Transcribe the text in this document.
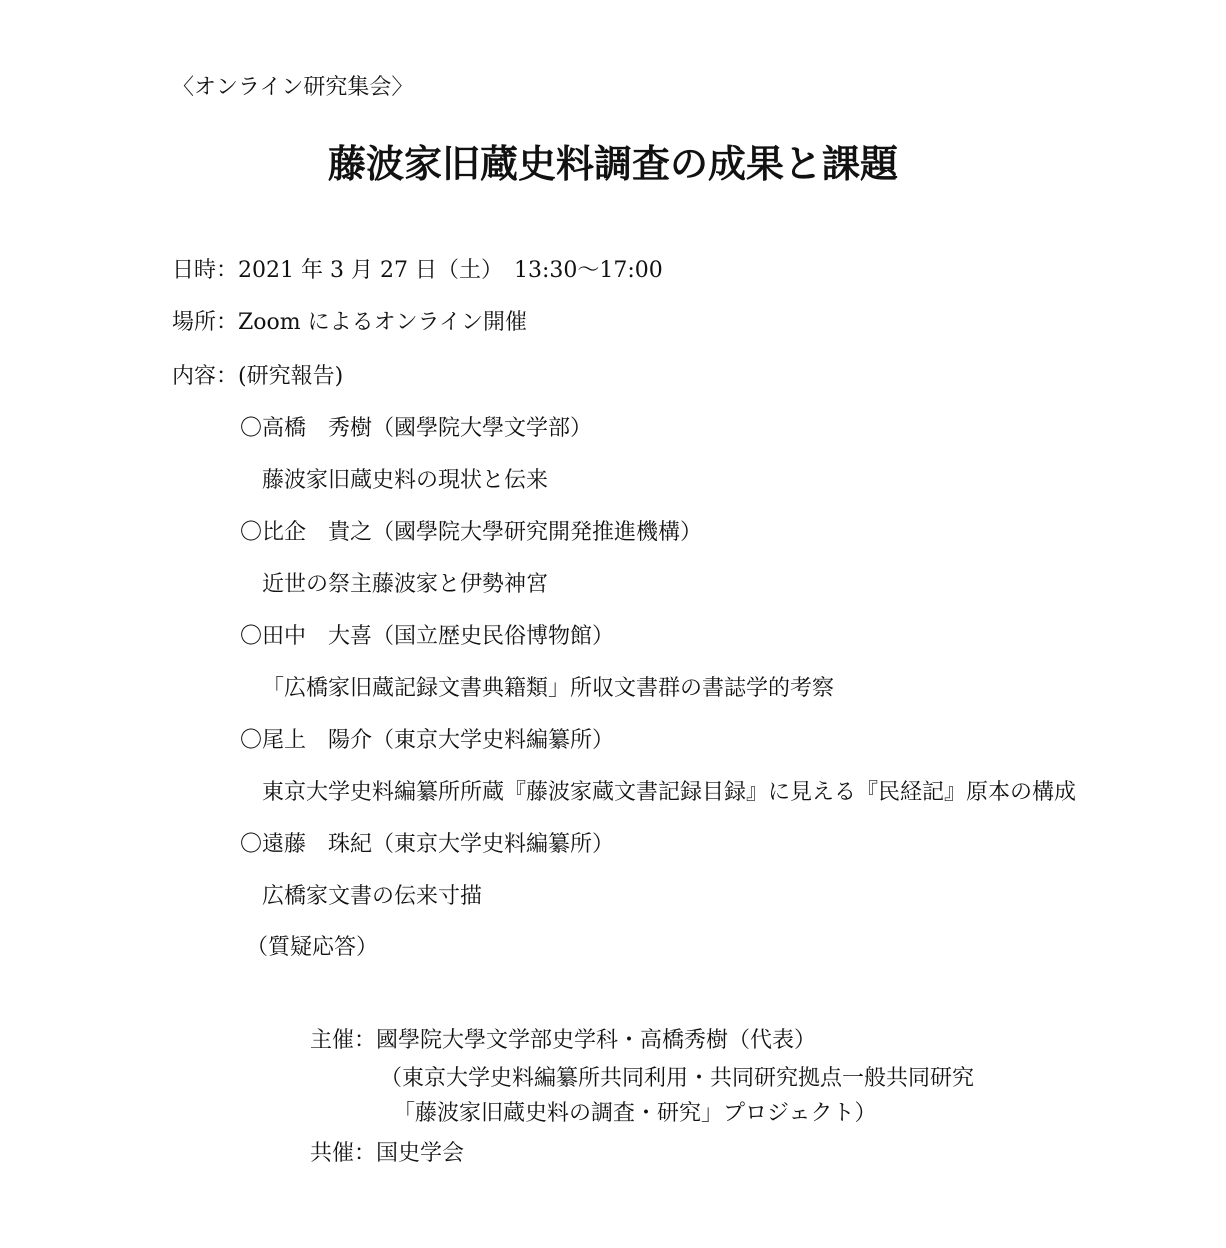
〈オンライン研究集会〉
藤波家旧蔵史料調査の成果と課題
日時：2021 年 3 月 27 日（土）　13:30～17:00
場所：Zoom によるオンライン開催
内容：(研究報告)
〇高橋　秀樹（國學院大學文学部）
藤波家旧蔵史料の現状と伝来
〇比企　貴之（國學院大學研究開発推進機構）
近世の祭主藤波家と伊勢神宮
〇田中　大喜（国立歴史民俗博物館）
「広橋家旧蔵記録文書典籍類」所収文書群の書誌学的考察
〇尾上　陽介（東京大学史料編纂所）
東京大学史料編纂所所蔵『藤波家蔵文書記録目録』に見える『民経記』原本の構成
〇遠藤　珠紀（東京大学史料編纂所）
広橋家文書の伝来寸描
（質疑応答）
主催：國學院大學文学部史学科・高橋秀樹（代表）
（東京大学史料編纂所共同利用・共同研究拠点一般共同研究
「藤波家旧蔵史料の調査・研究」プロジェクト）
共催：国史学会
